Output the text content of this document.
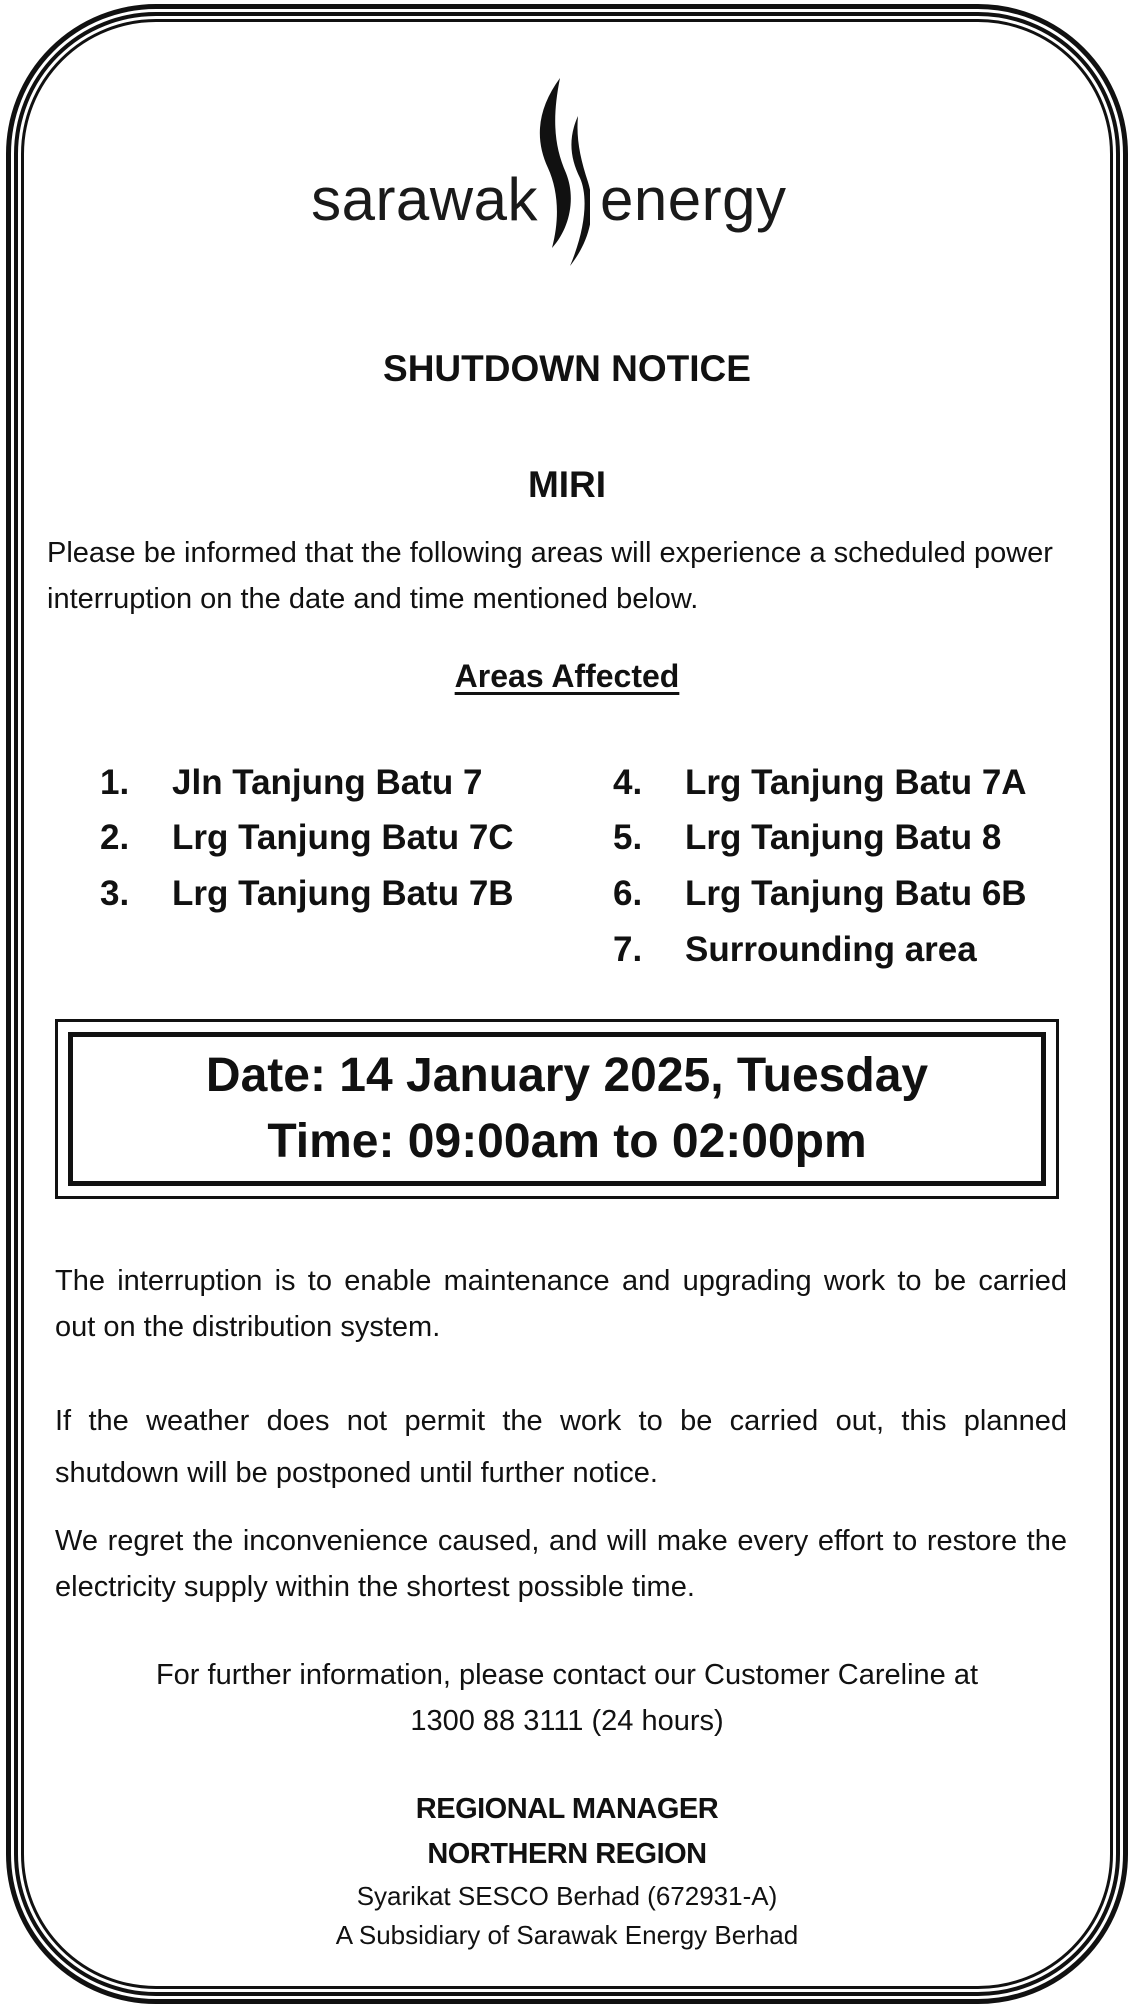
sarawak energy
SHUTDOWN NOTICE
MIRI

Please be informed that the following areas will experience a scheduled power interruption on the date and time mentioned below.

Areas Affected
1. Jln Tanjung Batu 7
2. Lrg Tanjung Batu 7C
3. Lrg Tanjung Batu 7B
4. Lrg Tanjung Batu 7A
5. Lrg Tanjung Batu 8
6. Lrg Tanjung Batu 6B
7. Surrounding area
Date: 14 January 2025, Tuesday
Time: 09:00am to 02:00pm

The interruption is to enable maintenance and upgrading work to be carried out on the distribution system.

If the weather does not permit the work to be carried out, this planned shutdown will be postponed until further notice.

We regret the inconvenience caused, and will make every effort to restore the electricity supply within the shortest possible time.

For further information, please contact our Customer Careline at
1300 88 3111 (24 hours)
REGIONAL MANAGER
NORTHERN REGION
Syarikat SESCO Berhad (672931-A)
A Subsidiary of Sarawak Energy Berhad
